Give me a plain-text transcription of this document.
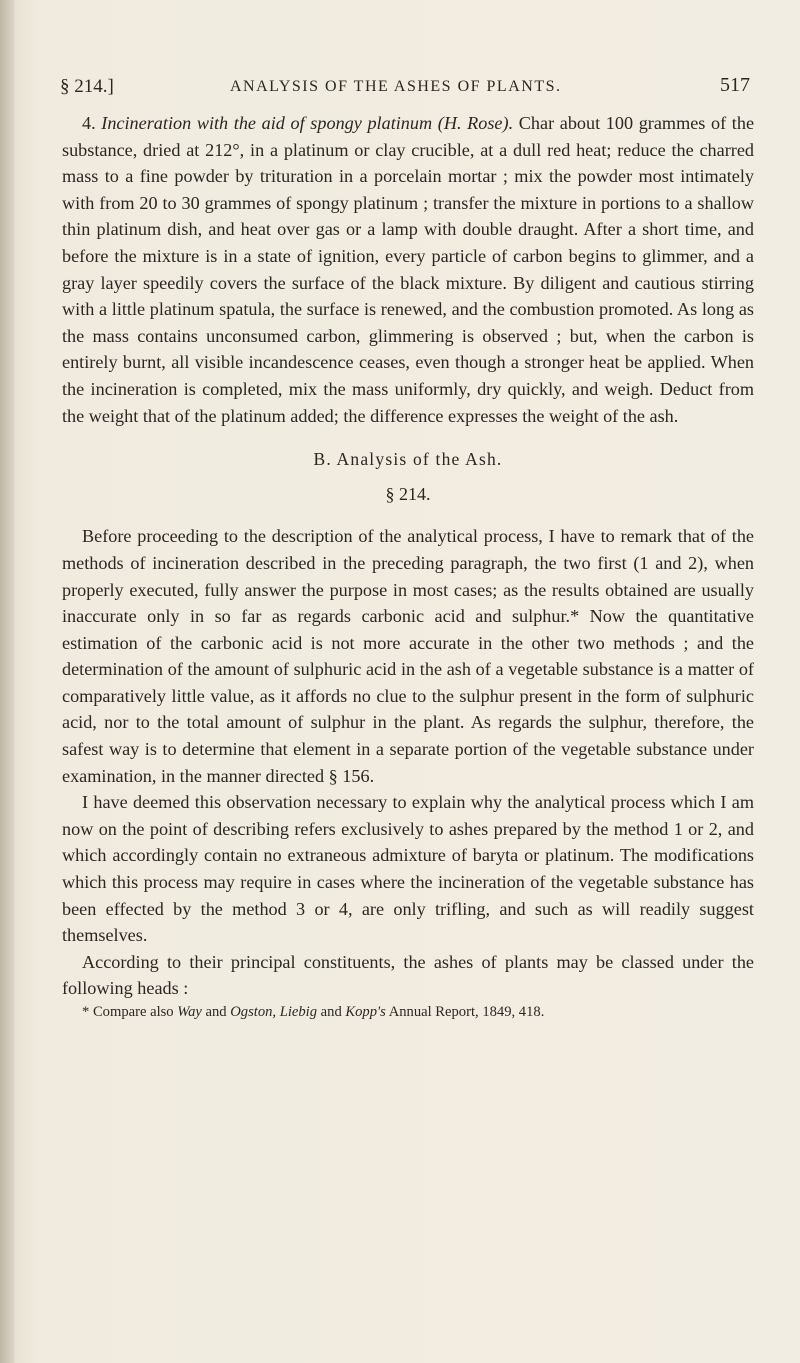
§ 214.]	ANALYSIS OF THE ASHES OF PLANTS.	517

4. Incineration with the aid of spongy platinum (H. Rose). Char about 100 grammes of the substance, dried at 212°, in a platinum or clay crucible, at a dull red heat; reduce the charred mass to a fine powder by trituration in a porcelain mortar ; mix the powder most intimately with from 20 to 30 grammes of spongy platinum ; transfer the mixture in portions to a shallow thin platinum dish, and heat over gas or a lamp with double draught. After a short time, and before the mixture is in a state of ignition, every particle of carbon begins to glimmer, and a gray layer speedily covers the surface of the black mixture. By diligent and cautious stirring with a little platinum spatula, the surface is renewed, and the combustion promoted. As long as the mass contains unconsumed carbon, glimmering is observed ; but, when the carbon is entirely burnt, all visible incandescence ceases, even though a stronger heat be applied. When the incineration is completed, mix the mass uniformly, dry quickly, and weigh. Deduct from the weight that of the platinum added; the difference expresses the weight of the ash.

B. Analysis of the Ash.
§ 214.

Before proceeding to the description of the analytical process, I have to remark that of the methods of incineration described in the preceding paragraph, the two first (1 and 2), when properly executed, fully answer the purpose in most cases; as the results obtained are usually inaccurate only in so far as regards carbonic acid and sulphur.* Now the quantitative estimation of the carbonic acid is not more accurate in the other two methods ; and the determination of the amount of sulphuric acid in the ash of a vegetable substance is a matter of comparatively little value, as it affords no clue to the sulphur present in the form of sulphuric acid, nor to the total amount of sulphur in the plant. As regards the sulphur, therefore, the safest way is to determine that element in a separate portion of the vegetable substance under examination, in the manner directed § 156.

I have deemed this observation necessary to explain why the analytical process which I am now on the point of describing refers exclusively to ashes prepared by the method 1 or 2, and which accordingly contain no extraneous admixture of baryta or platinum. The modifications which this process may require in cases where the incineration of the vegetable substance has been effected by the method 3 or 4, are only trifling, and such as will readily suggest themselves.

According to their principal constituents, the ashes of plants may be classed under the following heads :

* Compare also Way and Ogston, Liebig and Kopp's Annual Report, 1849, 418.
